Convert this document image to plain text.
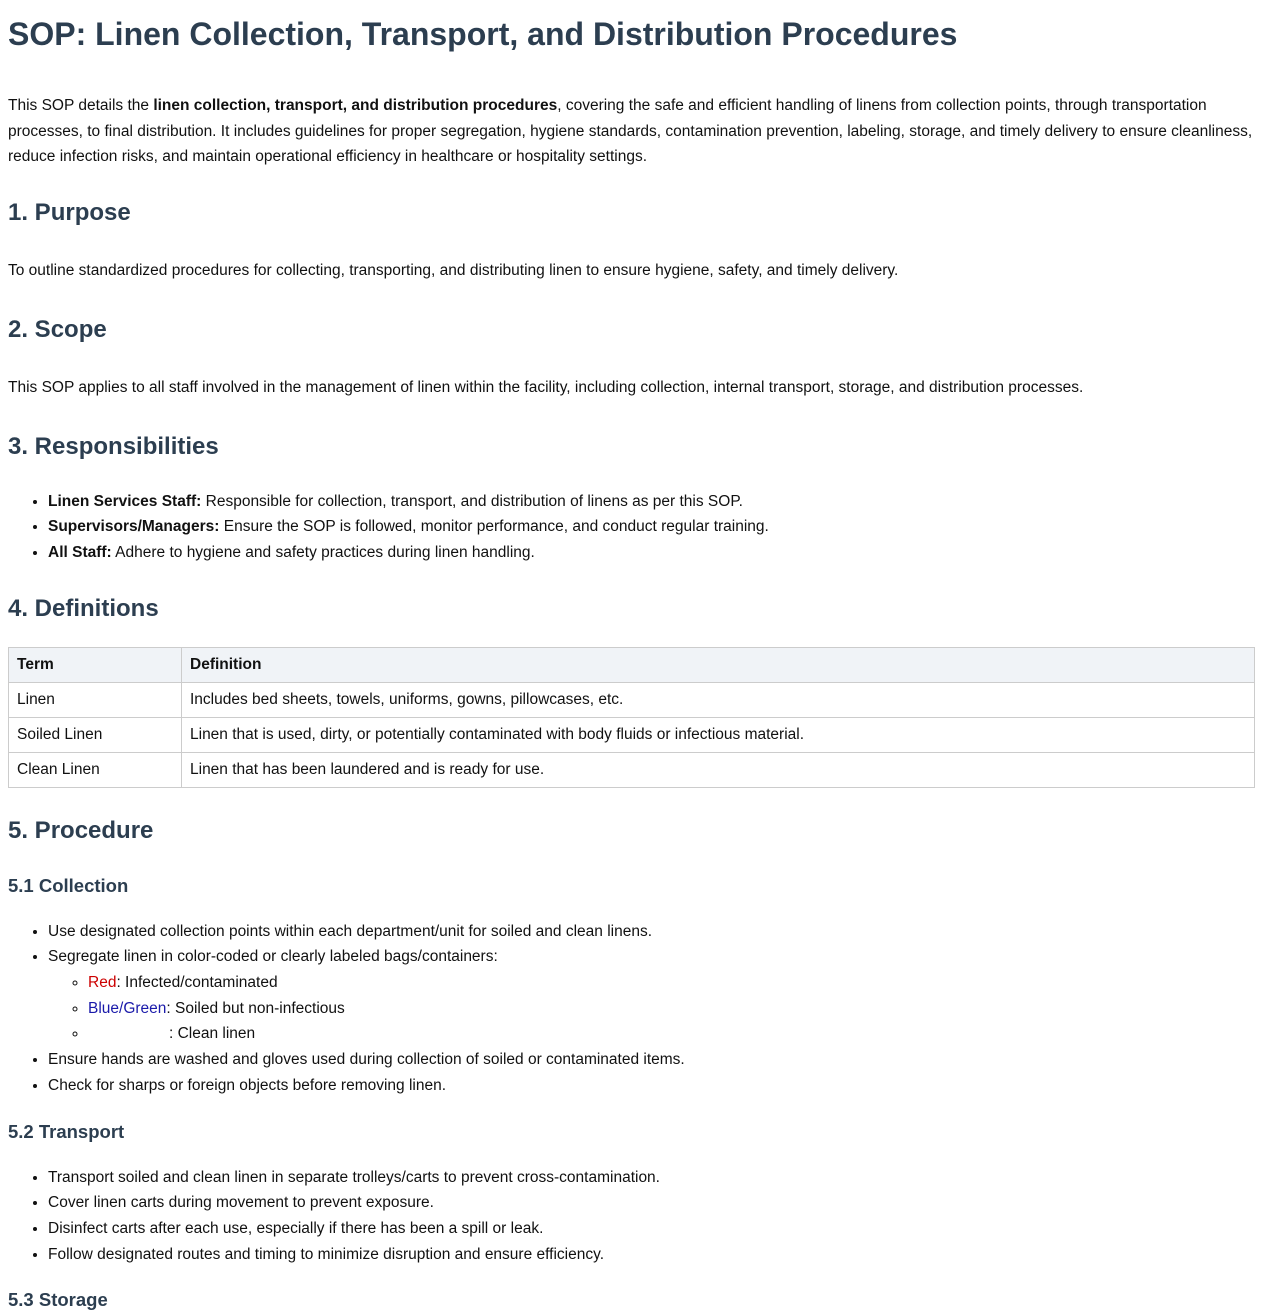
SOP: Linen Collection, Transport, and Distribution Procedures

This SOP details the linen collection, transport, and distribution procedures, covering the safe and efficient handling of linens from collection points, through transportation processes, to final distribution. It includes guidelines for proper segregation, hygiene standards, contamination prevention, labeling, storage, and timely delivery to ensure cleanliness, reduce infection risks, and maintain operational efficiency in healthcare or hospitality settings.

1. Purpose

To outline standardized procedures for collecting, transporting, and distributing linen to ensure hygiene, safety, and timely delivery.

2. Scope

This SOP applies to all staff involved in the management of linen within the facility, including collection, internal transport, storage, and distribution processes.

3. Responsibilities
• Linen Services Staff: Responsible for collection, transport, and distribution of linens as per this SOP.
• Supervisors/Managers: Ensure the SOP is followed, monitor performance, and conduct regular training.
• All Staff: Adhere to hygiene and safety practices during linen handling.
4. Definitions
Term	Definition
Linen	Includes bed sheets, towels, uniforms, gowns, pillowcases, etc.
Soiled Linen	Linen that is used, dirty, or potentially contaminated with body fluids or infectious material.
Clean Linen	Linen that has been laundered and is ready for use.
5. Procedure
5.1 Collection
• Use designated collection points within each department/unit for soiled and clean linens.
• Segregate linen in color-coded or clearly labeled bags/containers:
◦ Red: Infected/contaminated
◦ Blue/Green: Soiled but non-infectious
◦ White/Clear: Clean linen
• Ensure hands are washed and gloves used during collection of soiled or contaminated items.
• Check for sharps or foreign objects before removing linen.
5.2 Transport
• Transport soiled and clean linen in separate trolleys/carts to prevent cross-contamination.
• Cover linen carts during movement to prevent exposure.
• Disinfect carts after each use, especially if there has been a spill or leak.
• Follow designated routes and timing to minimize disruption and ensure efficiency.
5.3 Storage
